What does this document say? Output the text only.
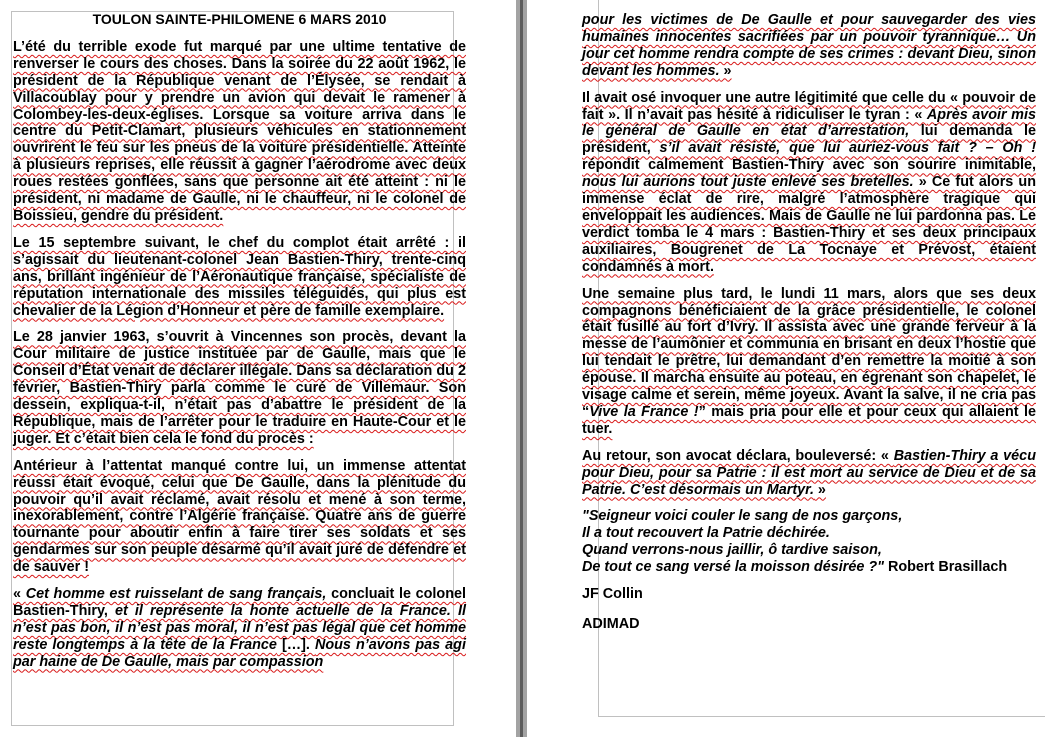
TOULON SAINTE-PHILOMENE 6 MARS 2010

L’été du terrible exode fut marqué par une ultime tentative de renverser le cours des choses. Dans la soirée du 22 août 1962, le président de la République venant de l’Élysée, se rendait à Villacoublay pour y prendre un avion qui devait le ramener à Colombey-les-deux-églises. Lorsque sa voiture arriva dans le centre du Petit-Clamart, plusieurs véhicules en stationnement ouvrirent le feu sur les pneus de la voiture présidentielle. Atteinte à plusieurs reprises, elle réussit à gagner l’aérodrome avec deux roues restées gonflées, sans que personne ait été atteint : ni le président, ni madame de Gaulle, ni le chauffeur, ni le colonel de Boissieu, gendre du président.

Le 15 septembre suivant, le chef du complot était arrêté : il s’agissait du lieutenant-colonel Jean Bastien-Thiry, trente-cinq ans, brillant ingénieur de l’Aéronautique française, spécialiste de réputation internationale des missiles téléguidés, qui plus est chevalier de la Légion d’Honneur et père de famille exemplaire.

Le 28 janvier 1963, s’ouvrit à Vincennes son procès, devant la Cour militaire de justice instituée par de Gaulle, mais que le Conseil d’État venait de déclarer illégale. Dans sa déclaration du 2 février, Bastien-Thiry parla comme le curé de Villemaur. Son dessein, expliqua-t-il, n’était pas d’abattre le président de la République, mais de l’arrêter pour le traduire en Haute-Cour et le juger. Et c’était bien cela le fond du procès :

Antérieur à l’attentat manqué contre lui, un immense attentat réussi était évoqué, celui que De Gaulle, dans la plénitude du pouvoir qu’il avait réclamé, avait résolu et mené à son terme, inexorablement, contre l’Algérie française. Quatre ans de guerre tournante pour aboutir enfin à faire tirer ses soldats et ses gendarmes sur son peuple désarmé qu’il avait juré de défendre et de sauver !

« Cet homme est ruisselant de sang français, concluait le colonel Bastien-Thiry, et il représente la honte actuelle de la France. Il n’est pas bon, il n’est pas moral, il n’est pas légal que cet homme reste longtemps à la tête de la France […]. Nous n’avons pas agi par haine de De Gaulle, mais par compassion

pour les victimes de De Gaulle et pour sauvegarder des vies humaines innocentes sacrifiées par un pouvoir tyrannique… Un jour cet homme rendra compte de ses crimes : devant Dieu, sinon devant les hommes. »

Il avait osé invoquer une autre légitimité que celle du « pouvoir de fait ». Il n’avait pas hésité à ridiculiser le tyran : « Après avoir mis le général de Gaulle en état d’arrestation, lui demanda le président, s’il avait résisté, que lui auriez-vous fait ? – Oh ! répondit calmement Bastien-Thiry avec son sourire inimitable, nous lui aurions tout juste enlevé ses bretelles. » Ce fut alors un immense éclat de rire, malgré l’atmosphère tragique qui enveloppait les audiences. Mais de Gaulle ne lui pardonna pas. Le verdict tomba le 4 mars : Bastien-Thiry et ses deux principaux auxiliaires, Bougrenet de La Tocnaye et Prévost, étaient condamnés à mort.

Une semaine plus tard, le lundi 11 mars, alors que ses deux compagnons bénéficiaient de la grâce présidentielle, le colonel était fusillé au fort d’Ivry. Il assista avec une grande ferveur à la messe de l’aumônier et communia en brisant en deux l’hostie que lui tendait le prêtre, lui demandant d’en remettre la moitié à son épouse. Il marcha ensuite au poteau, en égrenant son chapelet, le visage calme et serein, même joyeux. Avant la salve, il ne cria pas “Vive la France !” mais pria pour elle et pour ceux qui allaient le tuer.

Au retour, son avocat déclara, bouleversé: « Bastien-Thiry a vécu pour Dieu, pour sa Patrie : il est mort au service de Dieu et de sa Patrie. C’est désormais un Martyr. »

"Seigneur voici couler le sang de nos garçons,
Il a tout recouvert la Patrie déchirée.
Quand verrons-nous jaillir, ô tardive saison,
De tout ce sang versé la moisson désirée ?" Robert Brasillach
JF Collin
ADIMAD
